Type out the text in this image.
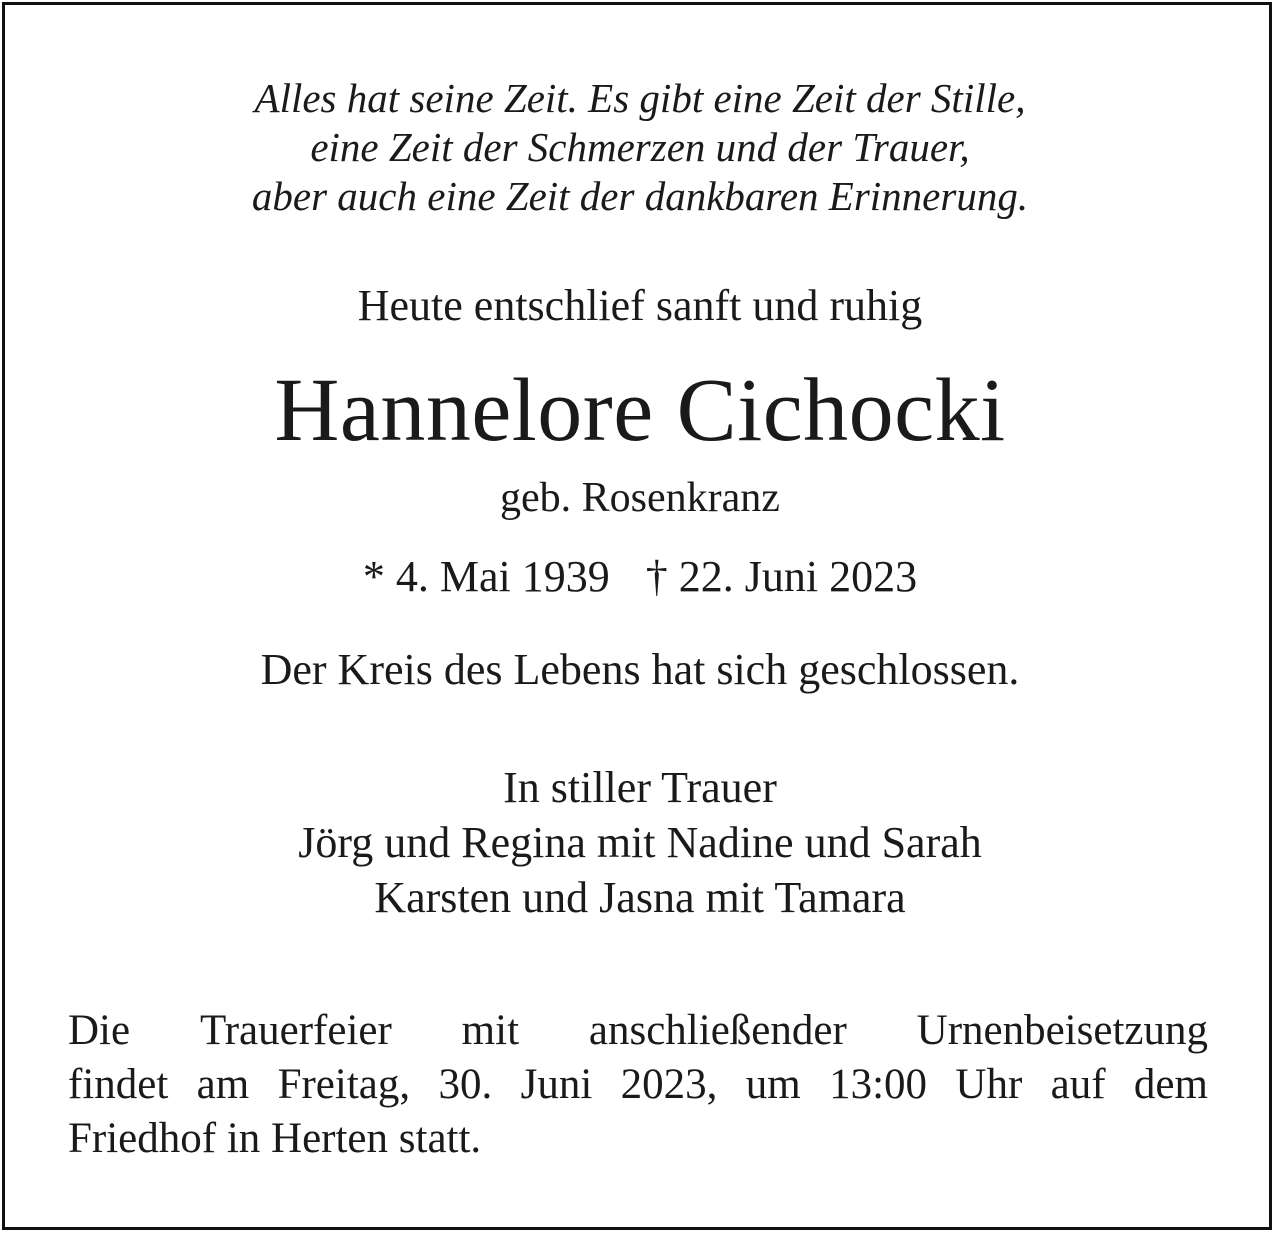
Alles hat seine Zeit. Es gibt eine Zeit der Stille,

eine Zeit der Schmerzen und der Trauer,

aber auch eine Zeit der dankbaren Erinnerung.

Heute entschlief sanft und ruhig

Hannelore Cichocki

geb. Rosenkranz

* 4. Mai 1939 † 22. Juni 2023

Der Kreis des Lebens hat sich geschlossen.

In stiller Trauer

Jörg und Regina mit Nadine und Sarah

Karsten und Jasna mit Tamara

Die Trauerfeier mit anschließender Urnenbeisetzung
findet am Freitag, 30. Juni 2023, um 13:00 Uhr auf dem
Friedhof in Herten statt.
